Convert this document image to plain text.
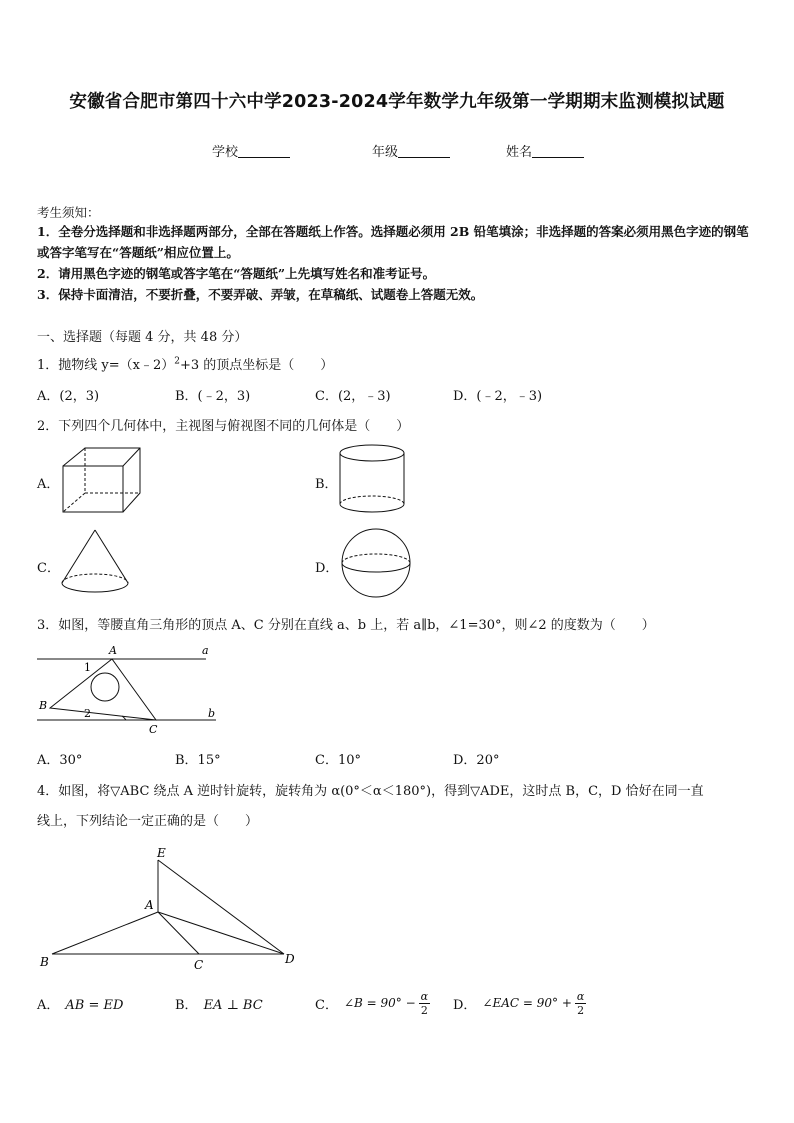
安徽省合肥市第四十六中学2023-2024学年数学九年级第一学期期末监测模拟试题
学校	年级	姓名
考生须知：
1．全卷分选择题和非选择题两部分，全部在答题纸上作答。选择题必须用 2B 铅笔填涂；非选择题的答案必须用黑色字迹的钢笔或答字笔写在“答题纸”相应位置上。
2．请用黑色字迹的钢笔或答字笔在“答题纸”上先填写姓名和准考证号。
3．保持卡面清洁，不要折叠，不要弄破、弄皱，在草稿纸、试题卷上答题无效。
一、选择题（每题 4 分，共 48 分）
1．抛物线 y=（x﹣2）$^2$+3 的顶点坐标是（　　）
A．(2，3)	B．(﹣2，3)	C．(2，﹣3)	D．(﹣2，﹣3)
2．下列四个几何体中，主视图与俯视图不同的几何体是（　　）
A．	B．
C．	D．
3．如图，等腰直角三角形的顶点 A、C 分别在直线 a、b 上，若 a∥b，∠1=30°，则∠2 的度数为（　　）
A	a
B
b
C
1
2
A．30°	B．15°	C．10°	D．20°
4．如图，将▽ABC 绕点 A 逆时针旋转，旋转角为 α(0°＜α＜180°)，得到▽ADE，这时点 B，C，D 恰好在同一直
线上，下列结论一定正确的是（　　）
E
A
B	C	D
A． AB = ED	B． EA ⊥ BC	C． ∠B = $90^\circ - \frac{\alpha}{2}$ D． ∠EAC = $90^\circ + \frac{\alpha}{2}$
